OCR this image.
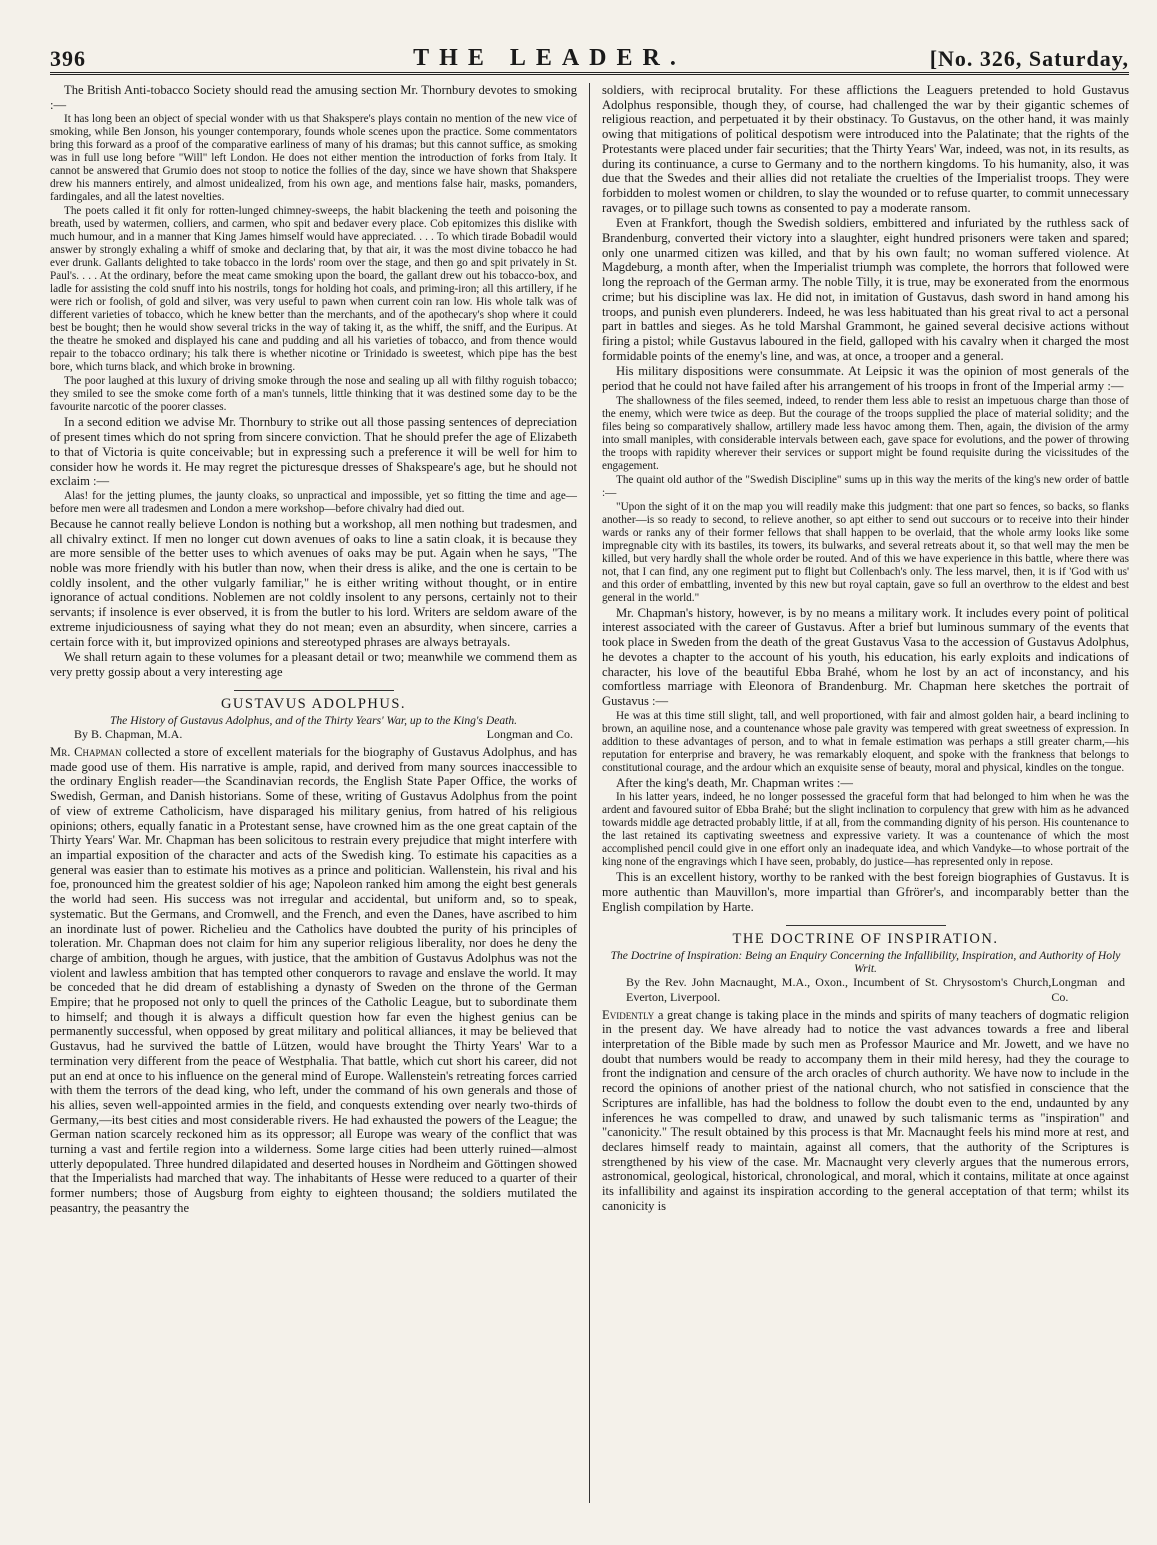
396	THE LEADER.	[No. 326, Saturday,

The British Anti-tobacco Society should read the amusing section Mr. Thornbury devotes to smoking :—

It has long been an object of special wonder with us that Shakspere's plays contain no mention of the new vice of smoking, while Ben Jonson, his younger contemporary, founds whole scenes upon the practice. Some commentators bring this forward as a proof of the comparative earliness of many of his dramas; but this cannot suffice, as smoking was in full use long before "Will" left London. He does not either mention the introduction of forks from Italy. It cannot be answered that Grumio does not stoop to notice the follies of the day, since we have shown that Shakspere drew his manners entirely, and almost unidealized, from his own age, and mentions false hair, masks, pomanders, fardingales, and all the latest novelties.

The poets called it fit only for rotten-lunged chimney-sweeps, the habit blackening the teeth and poisoning the breath, used by watermen, colliers, and carmen, who spit and bedaver every place. Cob epitomizes this dislike with much humour, and in a manner that King James himself would have appreciated. . . . To which tirade Bobadil would answer by strongly exhaling a whiff of smoke and declaring that, by that air, it was the most divine tobacco he had ever drunk. Gallants delighted to take tobacco in the lords' room over the stage, and then go and spit privately in St. Paul's. . . . At the ordinary, before the meat came smoking upon the board, the gallant drew out his tobacco-box, and ladle for assisting the cold snuff into his nostrils, tongs for holding hot coals, and priming-iron; all this artillery, if he were rich or foolish, of gold and silver, was very useful to pawn when current coin ran low. His whole talk was of different varieties of tobacco, which he knew better than the merchants, and of the apothecary's shop where it could best be bought; then he would show several tricks in the way of taking it, as the whiff, the sniff, and the Euripus. At the theatre he smoked and displayed his cane and pudding and all his varieties of tobacco, and from thence would repair to the tobacco ordinary; his talk there is whether nicotine or Trinidado is sweetest, which pipe has the best bore, which turns black, and which broke in browning.

The poor laughed at this luxury of driving smoke through the nose and sealing up all with filthy roguish tobacco; they smiled to see the smoke come forth of a man's tunnels, little thinking that it was destined some day to be the favourite narcotic of the poorer classes.

In a second edition we advise Mr. Thornbury to strike out all those passing sentences of depreciation of present times which do not spring from sincere conviction. That he should prefer the age of Elizabeth to that of Victoria is quite conceivable; but in expressing such a preference it will be well for him to consider how he words it. He may regret the picturesque dresses of Shakspeare's age, but he should not exclaim :—

Alas! for the jetting plumes, the jaunty cloaks, so unpractical and impossible, yet so fitting the time and age—before men were all tradesmen and London a mere workshop—before chivalry had died out.

Because he cannot really believe London is nothing but a workshop, all men nothing but tradesmen, and all chivalry extinct. If men no longer cut down avenues of oaks to line a satin cloak, it is because they are more sensible of the better uses to which avenues of oaks may be put. Again when he says, "The noble was more friendly with his butler than now, when their dress is alike, and the one is certain to be coldly insolent, and the other vulgarly familiar," he is either writing without thought, or in entire ignorance of actual conditions. Noblemen are not coldly insolent to any persons, certainly not to their servants; if insolence is ever observed, it is from the butler to his lord. Writers are seldom aware of the extreme injudiciousness of saying what they do not mean; even an absurdity, when sincere, carries a certain force with it, but improvized opinions and stereotyped phrases are always betrayals.

We shall return again to these volumes for a pleasant detail or two; meanwhile we commend them as very pretty gossip about a very interesting age

GUSTAVUS ADOLPHUS.

The History of Gustavus Adolphus, and of the Thirty Years' War, up to the King's Death.

By B. Chapman, M.A.	Longman and Co.

Mr. Chapman collected a store of excellent materials for the biography of Gustavus Adolphus, and has made good use of them. His narrative is ample, rapid, and derived from many sources inaccessible to the ordinary English reader—the Scandinavian records, the English State Paper Office, the works of Swedish, German, and Danish historians. Some of these, writing of Gustavus Adolphus from the point of view of extreme Catholicism, have disparaged his military genius, from hatred of his religious opinions; others, equally fanatic in a Protestant sense, have crowned him as the one great captain of the Thirty Years' War. Mr. Chapman has been solicitous to restrain every prejudice that might interfere with an impartial exposition of the character and acts of the Swedish king. To estimate his capacities as a general was easier than to estimate his motives as a prince and politician. Wallenstein, his rival and his foe, pronounced him the greatest soldier of his age; Napoleon ranked him among the eight best generals the world had seen. His success was not irregular and accidental, but uniform and, so to speak, systematic. But the Germans, and Cromwell, and the French, and even the Danes, have ascribed to him an inordinate lust of power. Richelieu and the Catholics have doubted the purity of his principles of toleration. Mr. Chapman does not claim for him any superior religious liberality, nor does he deny the charge of ambition, though he argues, with justice, that the ambition of Gustavus Adolphus was not the violent and lawless ambition that has tempted other conquerors to ravage and enslave the world. It may be conceded that he did dream of establishing a dynasty of Sweden on the throne of the German Empire; that he proposed not only to quell the princes of the Catholic League, but to subordinate them to himself; and though it is always a difficult question how far even the highest genius can be permanently successful, when opposed by great military and political alliances, it may be believed that Gustavus, had he survived the battle of Lützen, would have brought the Thirty Years' War to a termination very different from the peace of Westphalia. That battle, which cut short his career, did not put an end at once to his influence on the general mind of Europe. Wallenstein's retreating forces carried with them the terrors of the dead king, who left, under the command of his own generals and those of his allies, seven well-appointed armies in the field, and conquests extending over nearly two-thirds of Germany,—its best cities and most considerable rivers. He had exhausted the powers of the League; the German nation scarcely reckoned him as its oppressor; all Europe was weary of the conflict that was turning a vast and fertile region into a wilderness. Some large cities had been utterly ruined—almost utterly depopulated. Three hundred dilapidated and deserted houses in Nordheim and Göttingen showed that the Imperialists had marched that way. The inhabitants of Hesse were reduced to a quarter of their former numbers; those of Augsburg from eighty to eighteen thousand; the soldiers mutilated the peasantry, the peasantry the

soldiers, with reciprocal brutality. For these afflictions the Leaguers pretended to hold Gustavus Adolphus responsible, though they, of course, had challenged the war by their gigantic schemes of religious reaction, and perpetuated it by their obstinacy. To Gustavus, on the other hand, it was mainly owing that mitigations of political despotism were introduced into the Palatinate; that the rights of the Protestants were placed under fair securities; that the Thirty Years' War, indeed, was not, in its results, as during its continuance, a curse to Germany and to the northern kingdoms. To his humanity, also, it was due that the Swedes and their allies did not retaliate the cruelties of the Imperialist troops. They were forbidden to molest women or children, to slay the wounded or to refuse quarter, to commit unnecessary ravages, or to pillage such towns as consented to pay a moderate ransom.

Even at Frankfort, though the Swedish soldiers, embittered and infuriated by the ruthless sack of Brandenburg, converted their victory into a slaughter, eight hundred prisoners were taken and spared; only one unarmed citizen was killed, and that by his own fault; no woman suffered violence. At Magdeburg, a month after, when the Imperialist triumph was complete, the horrors that followed were long the reproach of the German army. The noble Tilly, it is true, may be exonerated from the enormous crime; but his discipline was lax. He did not, in imitation of Gustavus, dash sword in hand among his troops, and punish even plunderers. Indeed, he was less habituated than his great rival to act a personal part in battles and sieges. As he told Marshal Grammont, he gained several decisive actions without firing a pistol; while Gustavus laboured in the field, galloped with his cavalry when it charged the most formidable points of the enemy's line, and was, at once, a trooper and a general.

His military dispositions were consummate. At Leipsic it was the opinion of most generals of the period that he could not have failed after his arrangement of his troops in front of the Imperial army :—

The shallowness of the files seemed, indeed, to render them less able to resist an impetuous charge than those of the enemy, which were twice as deep. But the courage of the troops supplied the place of material solidity; and the files being so comparatively shallow, artillery made less havoc among them. Then, again, the division of the army into small maniples, with considerable intervals between each, gave space for evolutions, and the power of throwing the troops with rapidity wherever their services or support might be found requisite during the vicissitudes of the engagement.

The quaint old author of the "Swedish Discipline" sums up in this way the merits of the king's new order of battle :—

"Upon the sight of it on the map you will readily make this judgment: that one part so fences, so backs, so flanks another—is so ready to second, to relieve another, so apt either to send out succours or to receive into their hinder wards or ranks any of their former fellows that shall happen to be overlaid, that the whole army looks like some impregnable city with its bastiles, its towers, its bulwarks, and several retreats about it, so that well may the men be killed, but very hardly shall the whole order be routed. And of this we have experience in this battle, where there was not, that I can find, any one regiment put to flight but Collenbach's only. The less marvel, then, it is if 'God with us' and this order of embattling, invented by this new but royal captain, gave so full an overthrow to the eldest and best general in the world."

Mr. Chapman's history, however, is by no means a military work. It includes every point of political interest associated with the career of Gustavus. After a brief but luminous summary of the events that took place in Sweden from the death of the great Gustavus Vasa to the accession of Gustavus Adolphus, he devotes a chapter to the account of his youth, his education, his early exploits and indications of character, his love of the beautiful Ebba Brahé, whom he lost by an act of inconstancy, and his comfortless marriage with Eleonora of Brandenburg. Mr. Chapman here sketches the portrait of Gustavus :—

He was at this time still slight, tall, and well proportioned, with fair and almost golden hair, a beard inclining to brown, an aquiline nose, and a countenance whose pale gravity was tempered with great sweetness of expression. In addition to these advantages of person, and to what in female estimation was perhaps a still greater charm,—his reputation for enterprise and bravery, he was remarkably eloquent, and spoke with the frankness that belongs to constitutional courage, and the ardour which an exquisite sense of beauty, moral and physical, kindles on the tongue.

After the king's death, Mr. Chapman writes :—

In his latter years, indeed, he no longer possessed the graceful form that had belonged to him when he was the ardent and favoured suitor of Ebba Brahé; but the slight inclination to corpulency that grew with him as he advanced towards middle age detracted probably little, if at all, from the commanding dignity of his person. His countenance to the last retained its captivating sweetness and expressive variety. It was a countenance of which the most accomplished pencil could give in one effort only an inadequate idea, and which Vandyke—to whose portrait of the king none of the engravings which I have seen, probably, do justice—has represented only in repose.

This is an excellent history, worthy to be ranked with the best foreign biographies of Gustavus. It is more authentic than Mauvillon's, more impartial than Gfrörer's, and incomparably better than the English compilation by Harte.

THE DOCTRINE OF INSPIRATION.

The Doctrine of Inspiration: Being an Enquiry Concerning the Infallibility, Inspiration, and Authority of Holy Writ.

By the Rev. John Macnaught, M.A., Oxon., Incumbent of St. Chrysostom's Church, Everton, Liverpool.
Longman and Co.

Evidently a great change is taking place in the minds and spirits of many teachers of dogmatic religion in the present day. We have already had to notice the vast advances towards a free and liberal interpretation of the Bible made by such men as Professor Maurice and Mr. Jowett, and we have no doubt that numbers would be ready to accompany them in their mild heresy, had they the courage to front the indignation and censure of the arch oracles of church authority. We have now to include in the record the opinions of another priest of the national church, who not satisfied in conscience that the Scriptures are infallible, has had the boldness to follow the doubt even to the end, undaunted by any inferences he was compelled to draw, and unawed by such talismanic terms as "inspiration" and "canonicity." The result obtained by this process is that Mr. Macnaught feels his mind more at rest, and declares himself ready to maintain, against all comers, that the authority of the Scriptures is strengthened by his view of the case. Mr. Macnaught very cleverly argues that the numerous errors, astronomical, geological, historical, chronological, and moral, which it contains, militate at once against its infallibility and against its inspiration according to the general acceptation of that term; whilst its canonicity is
